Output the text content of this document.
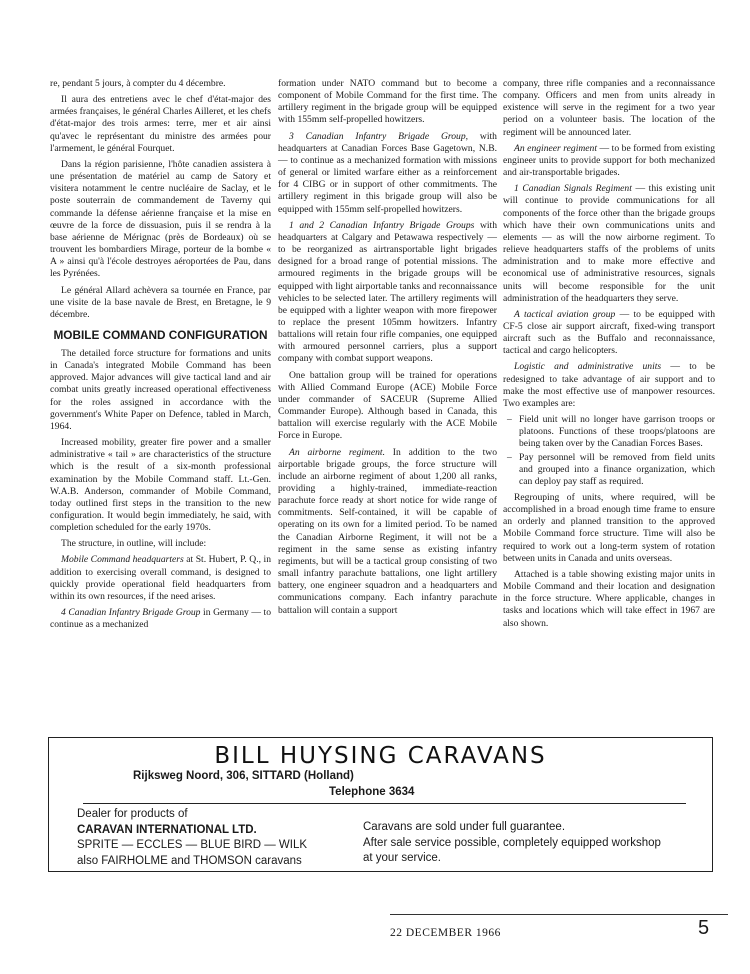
re, pendant 5 jours, à compter du 4 décembre.

Il aura des entretiens avec le chef d'état-major des armées françaises, le général Charles Ailleret, et les chefs d'état-major des trois armes: terre, mer et air ainsi qu'avec le représentant du ministre des armées pour l'armement, le général Fourquet.

Dans la région parisienne, l'hôte canadien assistera à une présentation de matériel au camp de Satory et visitera notamment le centre nucléaire de Saclay, et le poste souterrain de commandement de Taverny qui commande la défense aérienne française et la mise en œuvre de la force de dissuasion, puis il se rendra à la base aérienne de Mérignac (près de Bordeaux) où se trouvent les bombardiers Mirage, porteur de la bombe « A » ainsi qu'à l'école destroyes aéroportées de Pau, dans les Pyrénées.

Le général Allard achèvera sa tournée en France, par une visite de la base navale de Brest, en Bretagne, le 9 décembre.

MOBILE COMMAND CONFIGURATION

The detailed force structure for formations and units in Canada's integrated Mobile Command has been approved. Major advances will give tactical land and air combat units greatly increased operational effectiveness for the roles assigned in accordance with the government's White Paper on Defence, tabled in March, 1964.

Increased mobility, greater fire power and a smaller administrative « tail » are characteristics of the structure which is the result of a six-month professional examination by the Mobile Command staff. Lt.-Gen. W.A.B. Anderson, commander of Mobile Command, today outlined first steps in the transition to the new configuration. It would begin immediately, he said, with completion scheduled for the early 1970s.

The structure, in outline, will include:

Mobile Command headquarters at St. Hubert, P. Q., in addition to exercising overall command, is designed to quickly provide operational field headquarters from within its own resources, if the need arises.

4 Canadian Infantry Brigade Group in Germany — to continue as a mechanized

formation under NATO command but to become a component of Mobile Command for the first time. The artillery regiment in the brigade group will be equipped with 155mm self-propelled howitzers.

3 Canadian Infantry Brigade Group, with headquarters at Canadian Forces Base Gagetown, N.B. — to continue as a mechanized formation with missions of general or limited warfare either as a reinforcement for 4 CIBG or in support of other commitments. The artillery regiment in this brigade group will also be equipped with 155mm self-propelled howitzers.

1 and 2 Canadian Infantry Brigade Groups with headquarters at Calgary and Petawawa respectively — to be reorganized as airtransportable light brigades designed for a broad range of potential missions. The armoured regiments in the brigade groups will be equipped with light airportable tanks and reconnaissance vehicles to be selected later. The artillery regiments will be equipped with a lighter weapon with more firepower to replace the present 105mm howitzers. Infantry battalions will retain four rifle companies, one equipped with armoured personnel carriers, plus a support company with combat support weapons.

One battalion group will be trained for operations with Allied Command Europe (ACE) Mobile Force under commander of SACEUR (Supreme Allied Commander Europe). Although based in Canada, this battalion will exercise regularly with the ACE Mobile Force in Europe.

An airborne regiment. In addition to the two airportable brigade groups, the force structure will include an airborne regiment of about 1,200 all ranks, providing a highly-trained, immediate-reaction parachute force ready at short notice for wide range of commitments. Self-contained, it will be capable of operating on its own for a limited period. To be named the Canadian Airborne Regiment, it will not be a regiment in the same sense as existing infantry regiments, but will be a tactical group consisting of two small infantry parachute battalions, one light artillery battery, one engineer squadron and a headquarters and communications company. Each infantry parachute battalion will contain a support

company, three rifle companies and a reconnaissance company. Officers and men from units already in existence will serve in the regiment for a two year period on a volunteer basis. The location of the regiment will be announced later.

An engineer regiment — to be formed from existing engineer units to provide support for both mechanized and air-transportable brigades.

1 Canadian Signals Regiment — this existing unit will continue to provide communications for all components of the force other than the brigade groups which have their own communications units and elements — as will the now airborne regiment. To relieve headquarters staffs of the problems of units administration and to make more effective and economical use of administrative resources, signals units will become responsible for the unit administration of the headquarters they serve.

A tactical aviation group — to be equipped with CF-5 close air support aircraft, fixed-wing transport aircraft such as the Buffalo and reconnaissance, tactical and cargo helicopters.

Logistic and administrative units — to be redesigned to take advantage of air support and to make the most effective use of manpower resources. Two examples are:

– Field unit will no longer have garrison troops or platoons. Functions of these troops/platoons are being taken over by the Canadian Forces Bases.
– Pay personnel will be removed from field units and grouped into a finance organization, which can deploy pay staff as required.

Regrouping of units, where required, will be accomplished in a broad enough time frame to ensure an orderly and planned transition to the approved Mobile Command force structure. Time will also be required to work out a long-term system of rotation between units in Canada and units overseas.

Attached is a table showing existing major units in Mobile Command and their location and designation in the force structure. Where applicable, changes in tasks and locations which will take effect in 1967 are also shown.

BILL HUYSING CARAVANS
Rijksweg Noord, 306, SITTARD (Holland)
Telephone 3634
Dealer for products of
CARAVAN INTERNATIONAL LTD.
SPRITE — ECCLES — BLUE BIRD — WILK
also FAIRHOLME and THOMSON caravans
Caravans are sold under full guarantee.
After sale service possible, completely equipped workshop
at your service.
22 DECEMBER 1966	5
